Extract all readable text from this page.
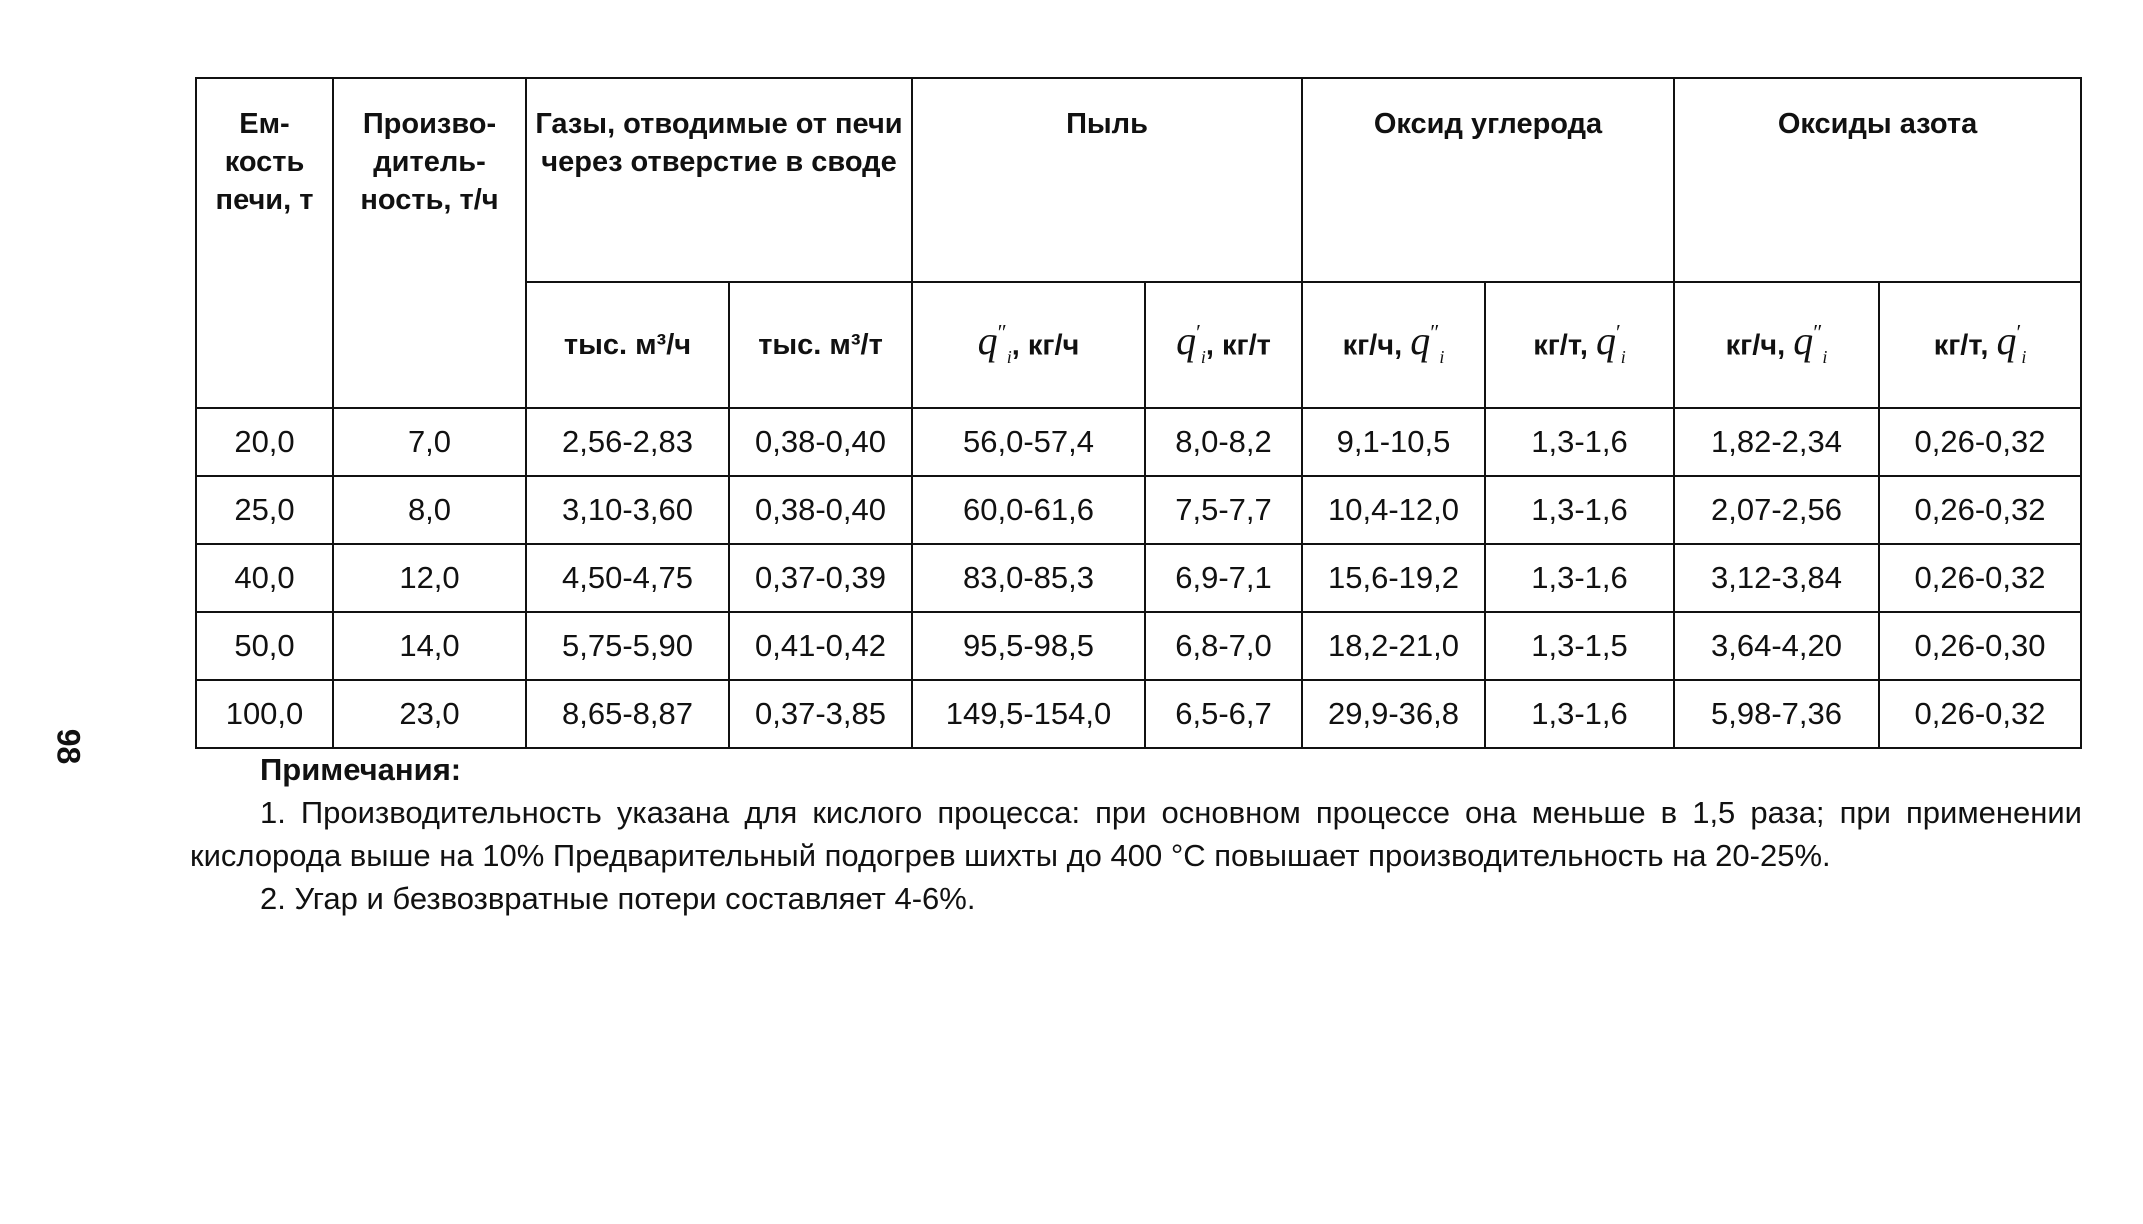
98
Ем-кость печи, т	Произво-дитель-ность, т/ч	Газы, отводимые от печи через отверстие в своде		Пыль		Оксид углерода		Оксиды азота	
		тыс. м³/ч	тыс. м³/т	$q''_i$, кг/ч	$q'_i$, кг/т	кг/ч, $q''_i$	кг/т, $q'_i$	кг/ч, $q''_i$	кг/т, $q'_i$
20,0	7,0	2,56-2,83	0,38-0,40	56,0-57,4	8,0-8,2	9,1-10,5	1,3-1,6	1,82-2,34	0,26-0,32
25,0	8,0	3,10-3,60	0,38-0,40	60,0-61,6	7,5-7,7	10,4-12,0	1,3-1,6	2,07-2,56	0,26-0,32
40,0	12,0	4,50-4,75	0,37-0,39	83,0-85,3	6,9-7,1	15,6-19,2	1,3-1,6	3,12-3,84	0,26-0,32
50,0	14,0	5,75-5,90	0,41-0,42	95,5-98,5	6,8-7,0	18,2-21,0	1,3-1,5	3,64-4,20	0,26-0,30
100,0	23,0	8,65-8,87	0,37-3,85	149,5-154,0	6,5-6,7	29,9-36,8	1,3-1,6	5,98-7,36	0,26-0,32
Примечания:

1. Производительность указана для кислого процесса: при основном процессе она меньше в 1,5 раза; при применении кислорода выше на 10% Предварительный подогрев шихты до 400 °С повышает производительность на 20-25%.

2. Угар и безвозвратные потери составляет 4-6%.
